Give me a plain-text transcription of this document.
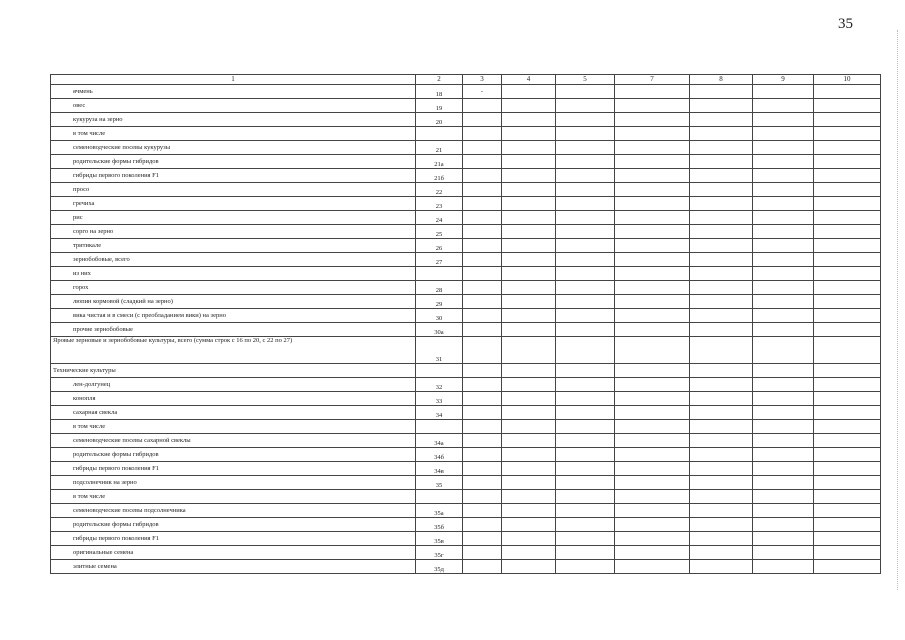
35
1	2	3	4	5	7	8	9	10
ячмень	18	-						
овес	19							
кукуруза на зерно	20							
в том числе								
семеноводческие посевы кукурузы	21							
родительские формы гибридов	21а							
гибриды первого поколения F1	21б							
просо	22							
гречиха	23							
рис	24							
сорго на зерно	25							
тритикале	26							
зернобобовые, всего	27							
из них								
горох	28							
люпин кормовой (сладкий на зерно)	29							
вика чистая и в смеси (с преобладанием вики) на зерно	30							
прочие зернобобовые	30а							
Яровые зерновые и зернобобовые культуры, всего (сумма строк с 16 по 20, с 22 по 27)	31							
Технические культуры								
лен-долгунец	32							
конопля	33							
сахарная свекла	34							
в том числе								
семеноводческие посевы сахарной свеклы	34а							
родительские формы гибридов	34б							
гибриды первого поколения F1	34в							
подсолнечник на зерно	35							
в том числе								
семеноводческие посевы подсолнечника	35а							
родительские формы гибридов	35б							
гибриды первого поколения F1	35в							
оригинальные семена	35г							
элитные семена	35д							
